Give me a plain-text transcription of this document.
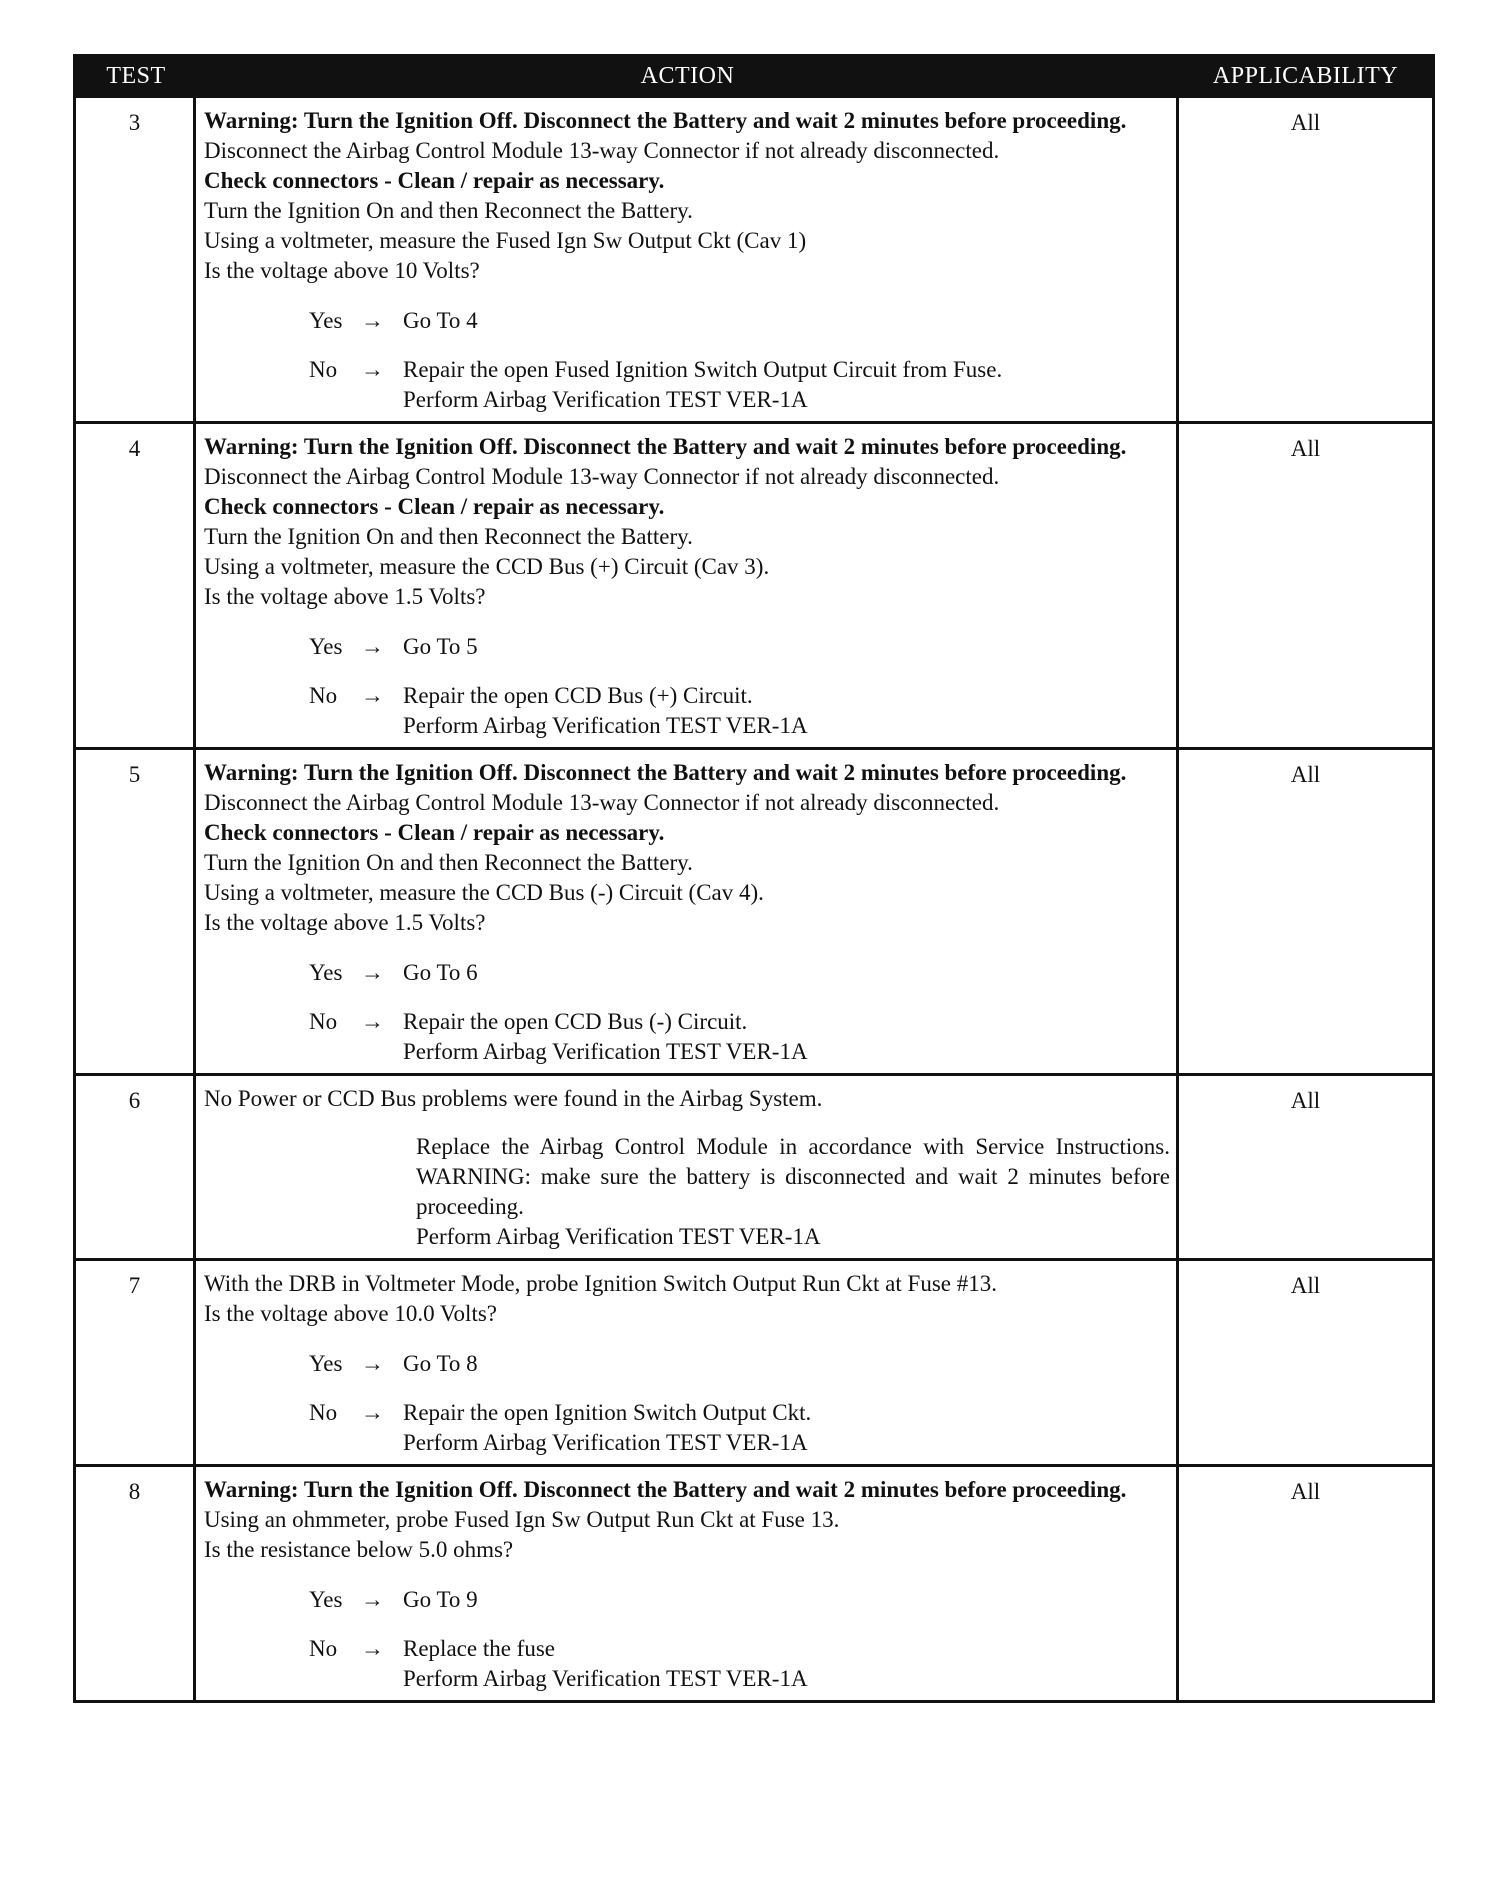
TEST	ACTION	APPLICABILITY
3	Warning: Turn the Ignition Off. Disconnect the Battery and wait 2 minutes before proceeding.
Disconnect the Airbag Control Module 13-way Connector if not already disconnected.
Check connectors - Clean / repair as necessary.
Turn the Ignition On and then Reconnect the Battery.
Using a voltmeter, measure the Fused Ign Sw Output Ckt (Cav 1)
Is the voltage above 10 Volts?
Yes → Go To 4
No	→ Repair the open Fused Ignition Switch Output Circuit from Fuse.
Perform Airbag Verification TEST VER-1A
All
4	Warning: Turn the Ignition Off. Disconnect the Battery and wait 2 minutes before proceeding.
Disconnect the Airbag Control Module 13-way Connector if not already disconnected.
Check connectors - Clean / repair as necessary.
Turn the Ignition On and then Reconnect the Battery.
Using a voltmeter, measure the CCD Bus (+) Circuit (Cav 3).
Is the voltage above 1.5 Volts?
Yes → Go To 5
No	→ Repair the open CCD Bus (+) Circuit.
Perform Airbag Verification TEST VER-1A
All
5	Warning: Turn the Ignition Off. Disconnect the Battery and wait 2 minutes before proceeding.
Disconnect the Airbag Control Module 13-way Connector if not already disconnected.
Check connectors - Clean / repair as necessary.
Turn the Ignition On and then Reconnect the Battery.
Using a voltmeter, measure the CCD Bus (-) Circuit (Cav 4).
Is the voltage above 1.5 Volts?
Yes → Go To 6
No	→ Repair the open CCD Bus (-) Circuit.
Perform Airbag Verification TEST VER-1A
All
6	No Power or CCD Bus problems were found in the Airbag System.
Replace the Airbag Control Module in accordance with Service Instructions. WARNING: make sure the battery is disconnected and wait 2 minutes before proceeding.
Perform Airbag Verification TEST VER-1A
All
7	With the DRB in Voltmeter Mode, probe Ignition Switch Output Run Ckt at Fuse #13.
Is the voltage above 10.0 Volts?
Yes → Go To 8
No	→ Repair the open Ignition Switch Output Ckt.
Perform Airbag Verification TEST VER-1A
All
8	Warning: Turn the Ignition Off. Disconnect the Battery and wait 2 minutes before proceeding.
Using an ohmmeter, probe Fused Ign Sw Output Run Ckt at Fuse 13.
Is the resistance below 5.0 ohms?
Yes → Go To 9
No	→ Replace the fuse
Perform Airbag Verification TEST VER-1A
All
